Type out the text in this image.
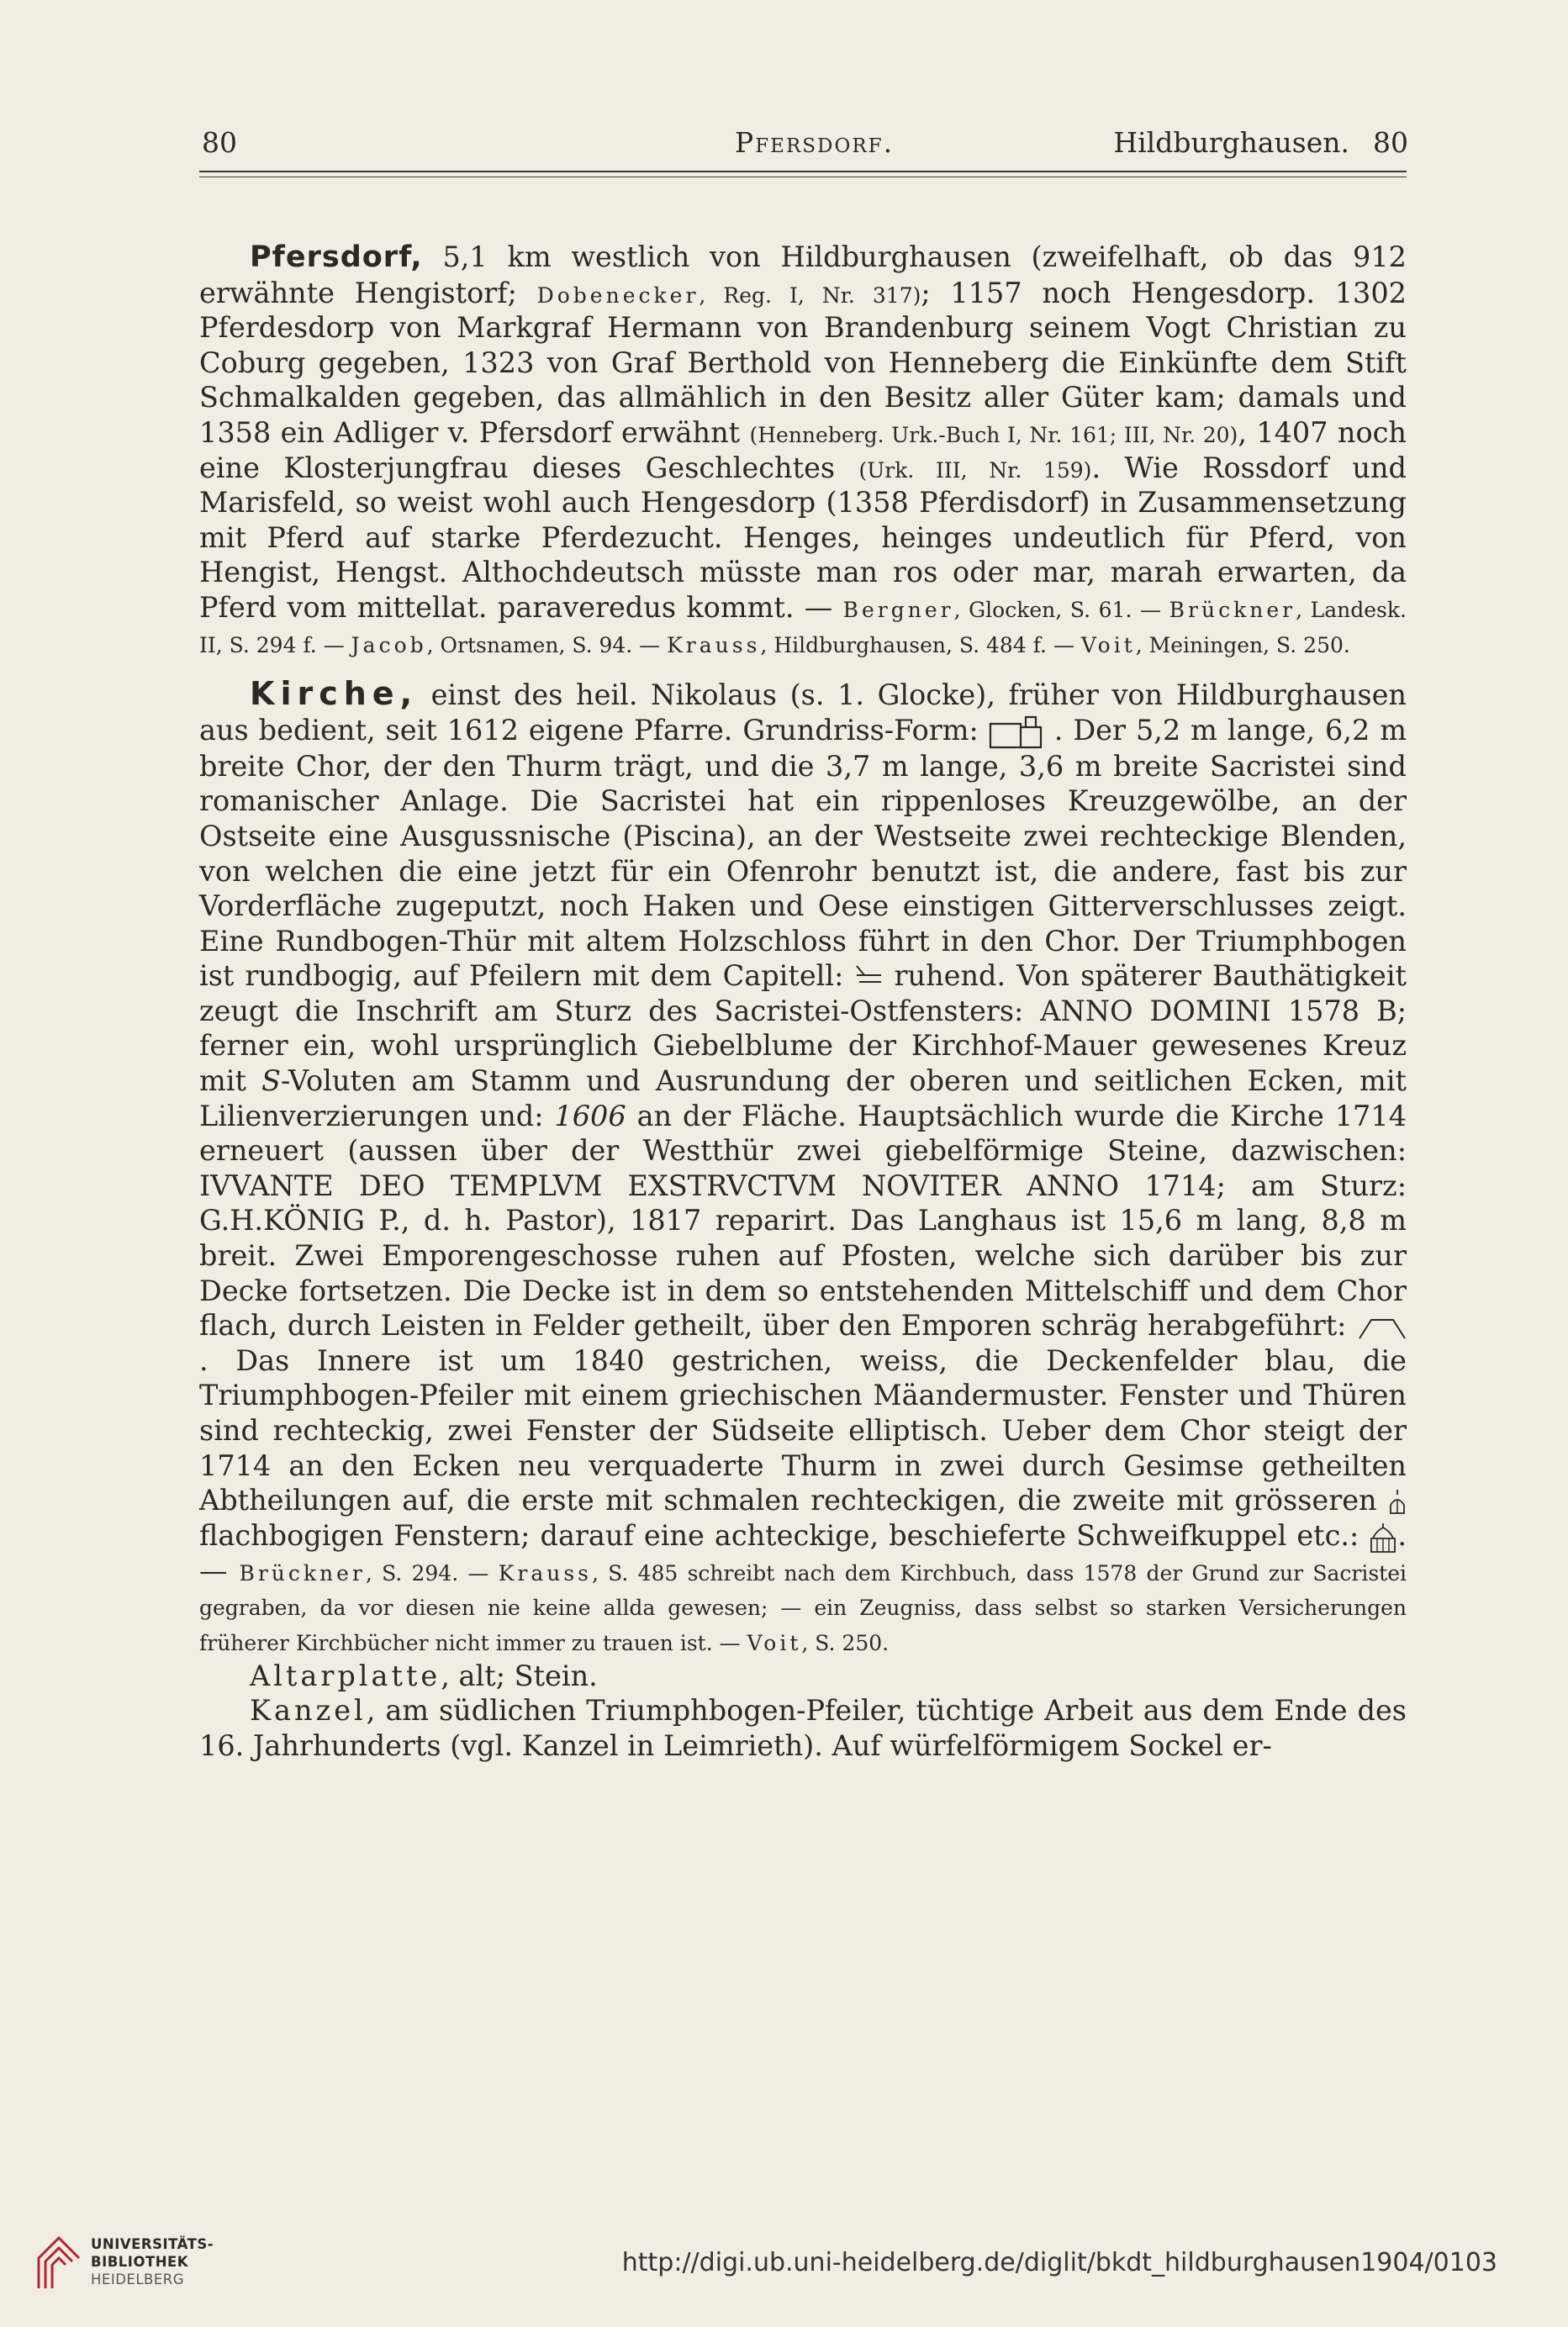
80	Pfersdorf.	Hildburghausen. 80

Pfersdorf, 5,1 km westlich von Hildburghausen (zweifelhaft, ob das 912 erwähnte Hengistorf; Dobenecker, Reg. I, Nr. 317); 1157 noch Hengesdorp. 1302 Pferdesdorp von Markgraf Hermann von Brandenburg seinem Vogt Christian zu Coburg gegeben, 1323 von Graf Berthold von Henneberg die Einkünfte dem Stift Schmalkalden gegeben, das allmählich in den Besitz aller Güter kam; damals und 1358 ein Adliger v. Pfersdorf erwähnt (Henneberg. Urk.-Buch I, Nr. 161; III, Nr. 20), 1407 noch eine Klosterjungfrau dieses Geschlechtes (Urk. III, Nr. 159). Wie Rossdorf und Marisfeld, so weist wohl auch Hengesdorp (1358 Pferdisdorf) in Zusammensetzung mit Pferd auf starke Pferdezucht. Henges, heinges undeutlich für Pferd, von Hengist, Hengst. Althochdeutsch müsste man ros oder mar, marah erwarten, da Pferd vom mittellat. paraveredus kommt. — Bergner, Glocken, S. 61. — Brückner, Landesk. II, S. 294 f. — Jacob, Ortsnamen, S. 94. — Krauss, Hildburghausen, S. 484 f. — Voit, Meiningen, S. 250.

Kirche, einst des heil. Nikolaus (s. 1. Glocke), früher von Hildburghausen aus bedient, seit 1612 eigene Pfarre. Grundriss-Form:  . Der 5,2 m lange, 6,2 m breite Chor, der den Thurm trägt, und die 3,7 m lange, 3,6 m breite Sacristei sind romanischer Anlage. Die Sacristei hat ein rippenloses Kreuzgewölbe, an der Ostseite eine Ausgussnische (Piscina), an der Westseite zwei rechteckige Blenden, von welchen die eine jetzt für ein Ofenrohr benutzt ist, die andere, fast bis zur Vorderfläche zugeputzt, noch Haken und Oese einstigen Gitterverschlusses zeigt. Eine Rundbogen-Thür mit altem Holzschloss führt in den Chor. Der Triumphbogen ist rundbogig, auf Pfeilern mit dem Capitell:  ruhend. Von späterer Bauthätigkeit zeugt die Inschrift am Sturz des Sacristei-Ostfensters: ANNO DOMINI 1578 B; ferner ein, wohl ursprünglich Giebelblume der Kirchhof-Mauer gewesenes Kreuz mit S-Voluten am Stamm und Ausrundung der oberen und seitlichen Ecken, mit Lilienverzierungen und: 1606 an der Fläche. Hauptsächlich wurde die Kirche 1714 erneuert (aussen über der Westthür zwei giebelförmige Steine, dazwischen: IVVANTE DEO TEMPLVM EXSTRVCTVM NOVITER ANNO 1714; am Sturz: G.H.KÖNIG P., d. h. Pastor), 1817 reparirt. Das Langhaus ist 15,6 m lang, 8,8 m breit. Zwei Emporengeschosse ruhen auf Pfosten, welche sich darüber bis zur Decke fortsetzen. Die Decke ist in dem so entstehenden Mittelschiff und dem Chor flach, durch Leisten in Felder getheilt, über den Emporen schräg herabgeführt: . Das Innere ist um 1840 gestrichen, weiss, die Deckenfelder blau, die Triumphbogen-Pfeiler mit einem griechischen Mäandermuster. Fenster und Thüren sind rechteckig, zwei Fenster der Südseite elliptisch. Ueber dem Chor steigt der 1714 an den Ecken neu verquaderte Thurm in zwei durch Gesimse getheilten Abtheilungen auf, die erste mit schmalen rechteckigen, die zweite mit grösseren  flachbogigen Fenstern; darauf eine achteckige, beschieferte Schweifkuppel etc.: . — Brückner, S. 294. — Krauss, S. 485 schreibt nach dem Kirchbuch, dass 1578 der Grund zur Sacristei gegraben, da vor diesen nie keine allda gewesen; — ein Zeugniss, dass selbst so starken Versicherungen früherer Kirchbücher nicht immer zu trauen ist. — Voit, S. 250.

Altarplatte, alt; Stein.

Kanzel, am südlichen Triumphbogen-Pfeiler, tüchtige Arbeit aus dem Ende des 16. Jahrhunderts (vgl. Kanzel in Leimrieth). Auf würfelförmigem Sockel er-

UNIVERSITÄTS-
BIBLIOTHEK
HEIDELBERG
http://digi.ub.uni-heidelberg.de/diglit/bkdt_hildburghausen1904/0103
